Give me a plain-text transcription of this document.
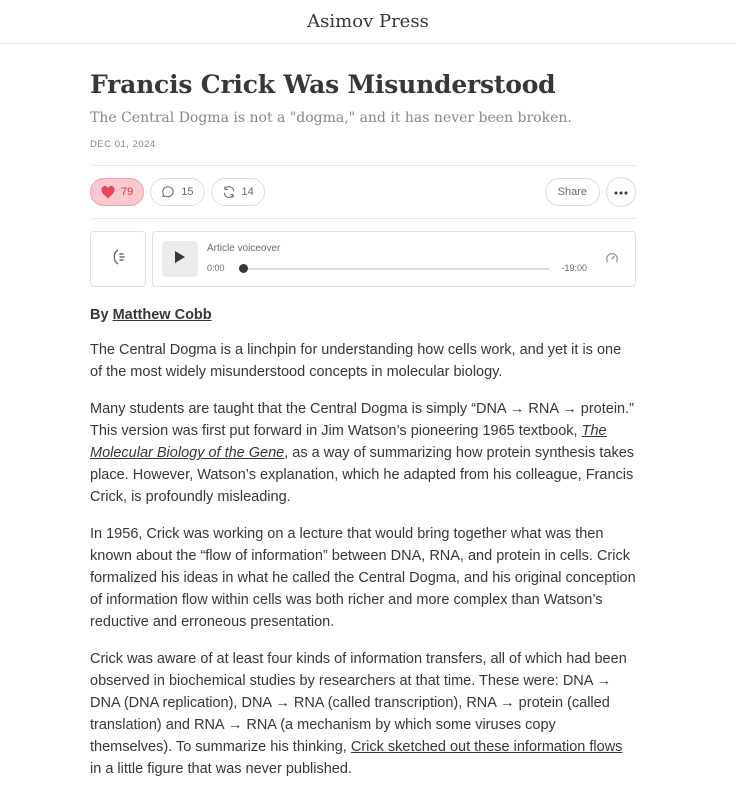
Asimov Press
Francis Crick Was Misunderstood
The Central Dogma is not a "dogma," and it has never been broken.
DEC 01, 2024
79	15	14	Share
Article voiceover
0:00	-19:00
By Matthew Cobb

The Central Dogma is a linchpin for understanding how cells work, and yet it is one of the most widely misunderstood concepts in molecular biology.

Many students are taught that the Central Dogma is simply “DNA → RNA → protein.” This version was first put forward in Jim Watson’s pioneering 1965 textbook, The Molecular Biology of the Gene, as a way of summarizing how protein synthesis takes place. However, Watson’s explanation, which he adapted from his colleague, Francis Crick, is profoundly misleading.

In 1956, Crick was working on a lecture that would bring together what was then known about the “flow of information” between DNA, RNA, and protein in cells. Crick formalized his ideas in what he called the Central Dogma, and his original conception of information flow within cells was both richer and more complex than Watson’s reductive and erroneous presentation.

Crick was aware of at least four kinds of information transfers, all of which had been observed in biochemical studies by researchers at that time. These were: DNA → DNA (DNA replication), DNA → RNA (called transcription), RNA → protein (called translation) and RNA → RNA (a mechanism by which some viruses copy themselves). To summarize his thinking, Crick sketched out these information flows in a little figure that was never published.
